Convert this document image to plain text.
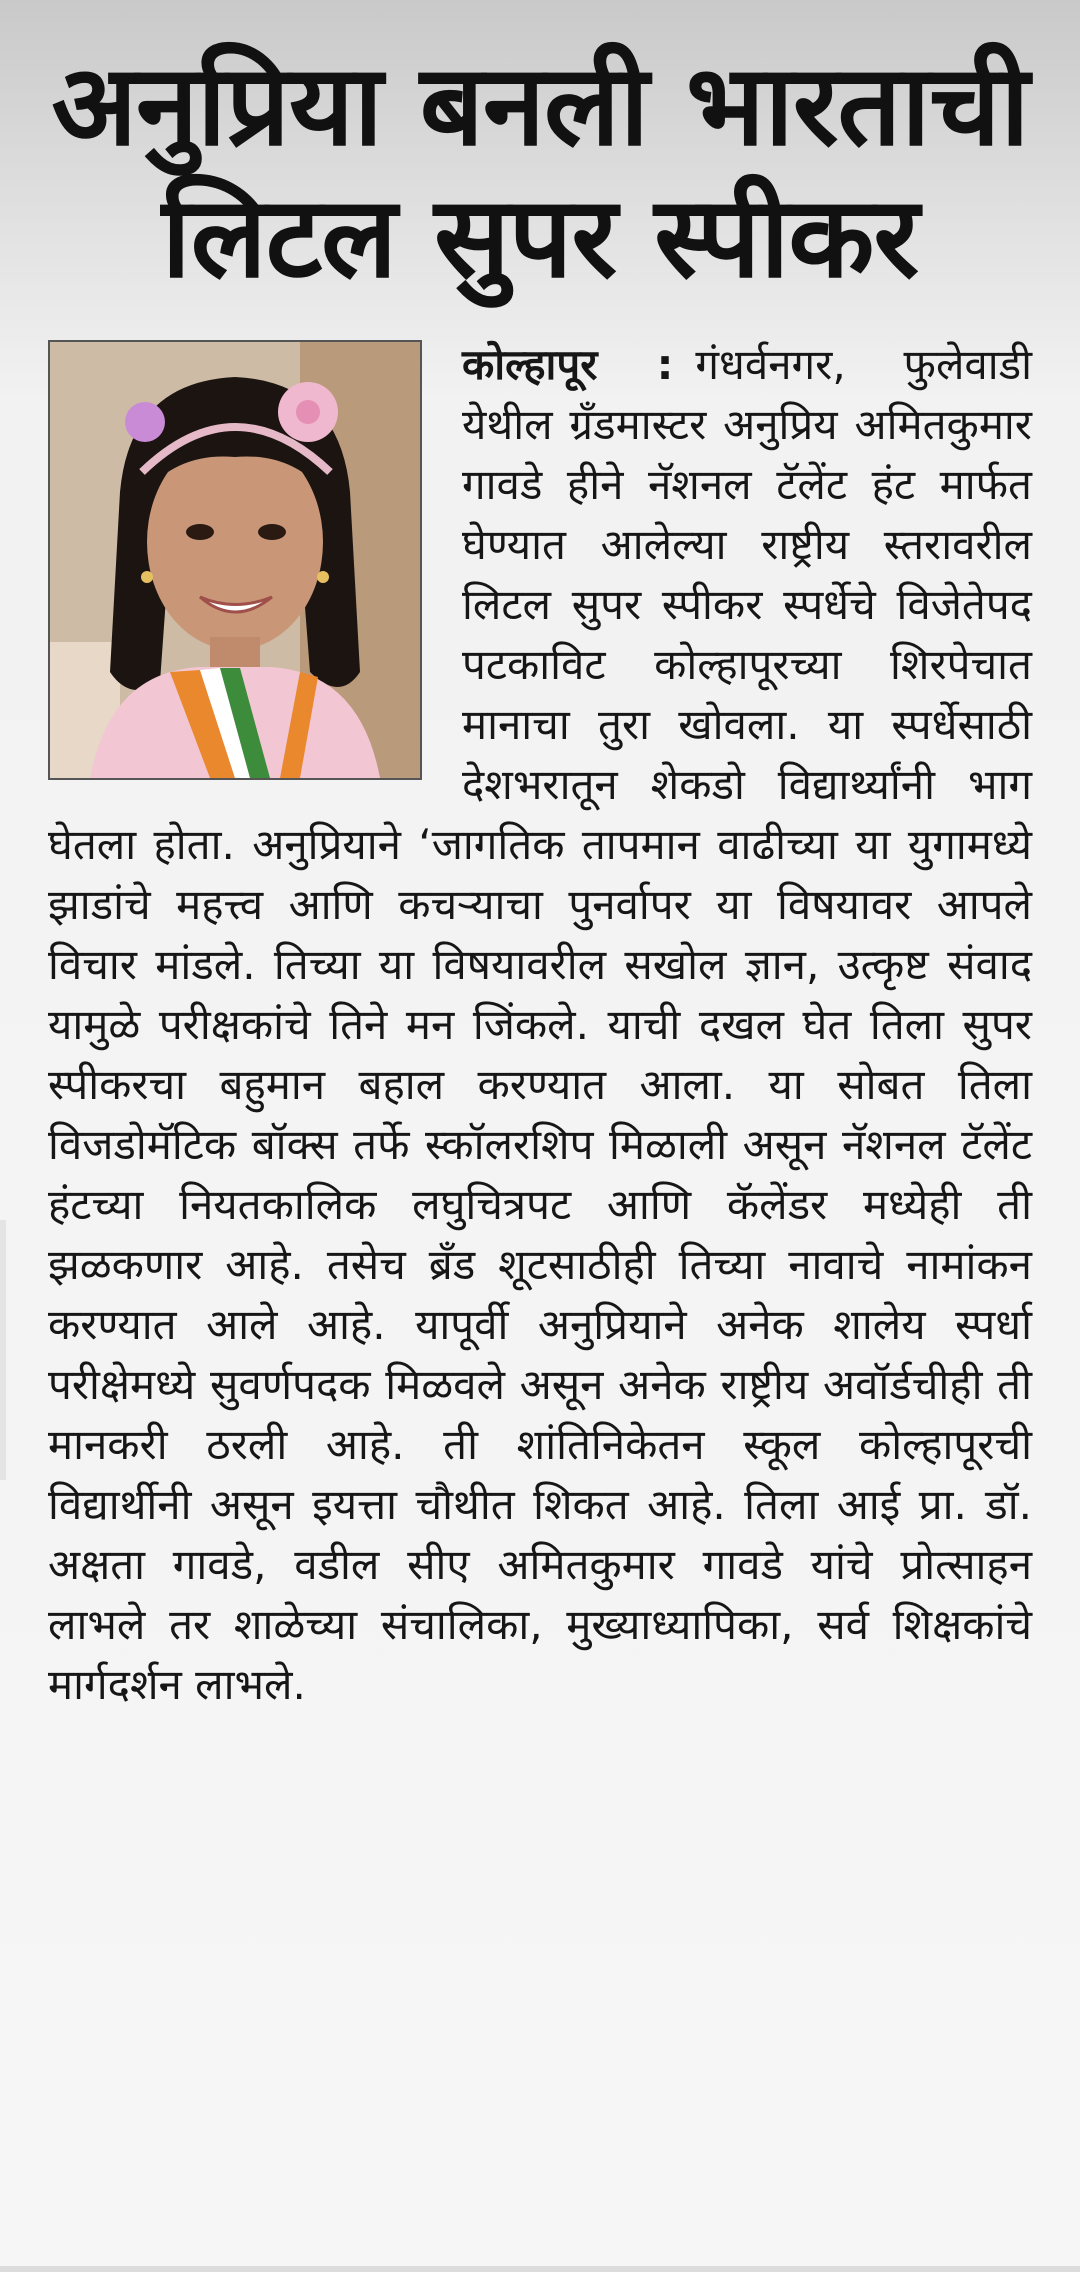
अनुप्रिया बनली भारताची
लिटल सुपर स्पीकर
कोल्हापूर : गंधर्वनगर, फुलेवाडी येथील ग्रँडमास्टर अनुप्रिय अमितकुमार गावडे हीने नॅशनल टॅलेंट हंट मार्फत घेण्यात आलेल्या राष्ट्रीय स्तरावरील लिटल सुपर स्पीकर स्पर्धेचे विजेतेपद पटकाविट कोल्हापूरच्या शिरपेचात मानाचा तुरा खोवला. या स्पर्धेसाठी देशभरातून शेकडो विद्यार्थ्यांनी भाग घेतला होता. अनुप्रियाने ‘जागतिक तापमान वाढीच्या या युगामध्ये झाडांचे महत्त्व आणि कचऱ्याचा पुनर्वापर या विषयावर आपले विचार मांडले. तिच्या या विषयावरील सखोल ज्ञान, उत्कृष्ट संवाद यामुळे परीक्षकांचे तिने मन जिंकले. याची दखल घेत तिला सुपर स्पीकरचा बहुमान बहाल करण्यात आला. या सोबत तिला विजडोमॅटिक बॉक्स तर्फे स्कॉलरशिप मिळाली असून नॅशनल टॅलेंट हंटच्या नियतकालिक लघुचित्रपट आणि कॅलेंडर मध्येही ती झळकणार आहे. तसेच ब्रँड शूटसाठीही तिच्या नावाचे नामांकन करण्यात आले आहे. यापूर्वी अनुप्रियाने अनेक शालेय स्पर्धा परीक्षेमध्ये सुवर्णपदक मिळवले असून अनेक राष्ट्रीय अवॉर्डचीही ती मानकरी ठरली आहे. ती शांतिनिकेतन स्कूल कोल्हापूरची विद्यार्थीनी असून इयत्ता चौथीत शिकत आहे. तिला आई प्रा. डॉ. अक्षता गावडे, वडील सीए अमितकुमार गावडे यांचे प्रोत्साहन लाभले तर शाळेच्या संचालिका, मुख्याध्यापिका, सर्व शिक्षकांचे मार्गदर्शन लाभले.
